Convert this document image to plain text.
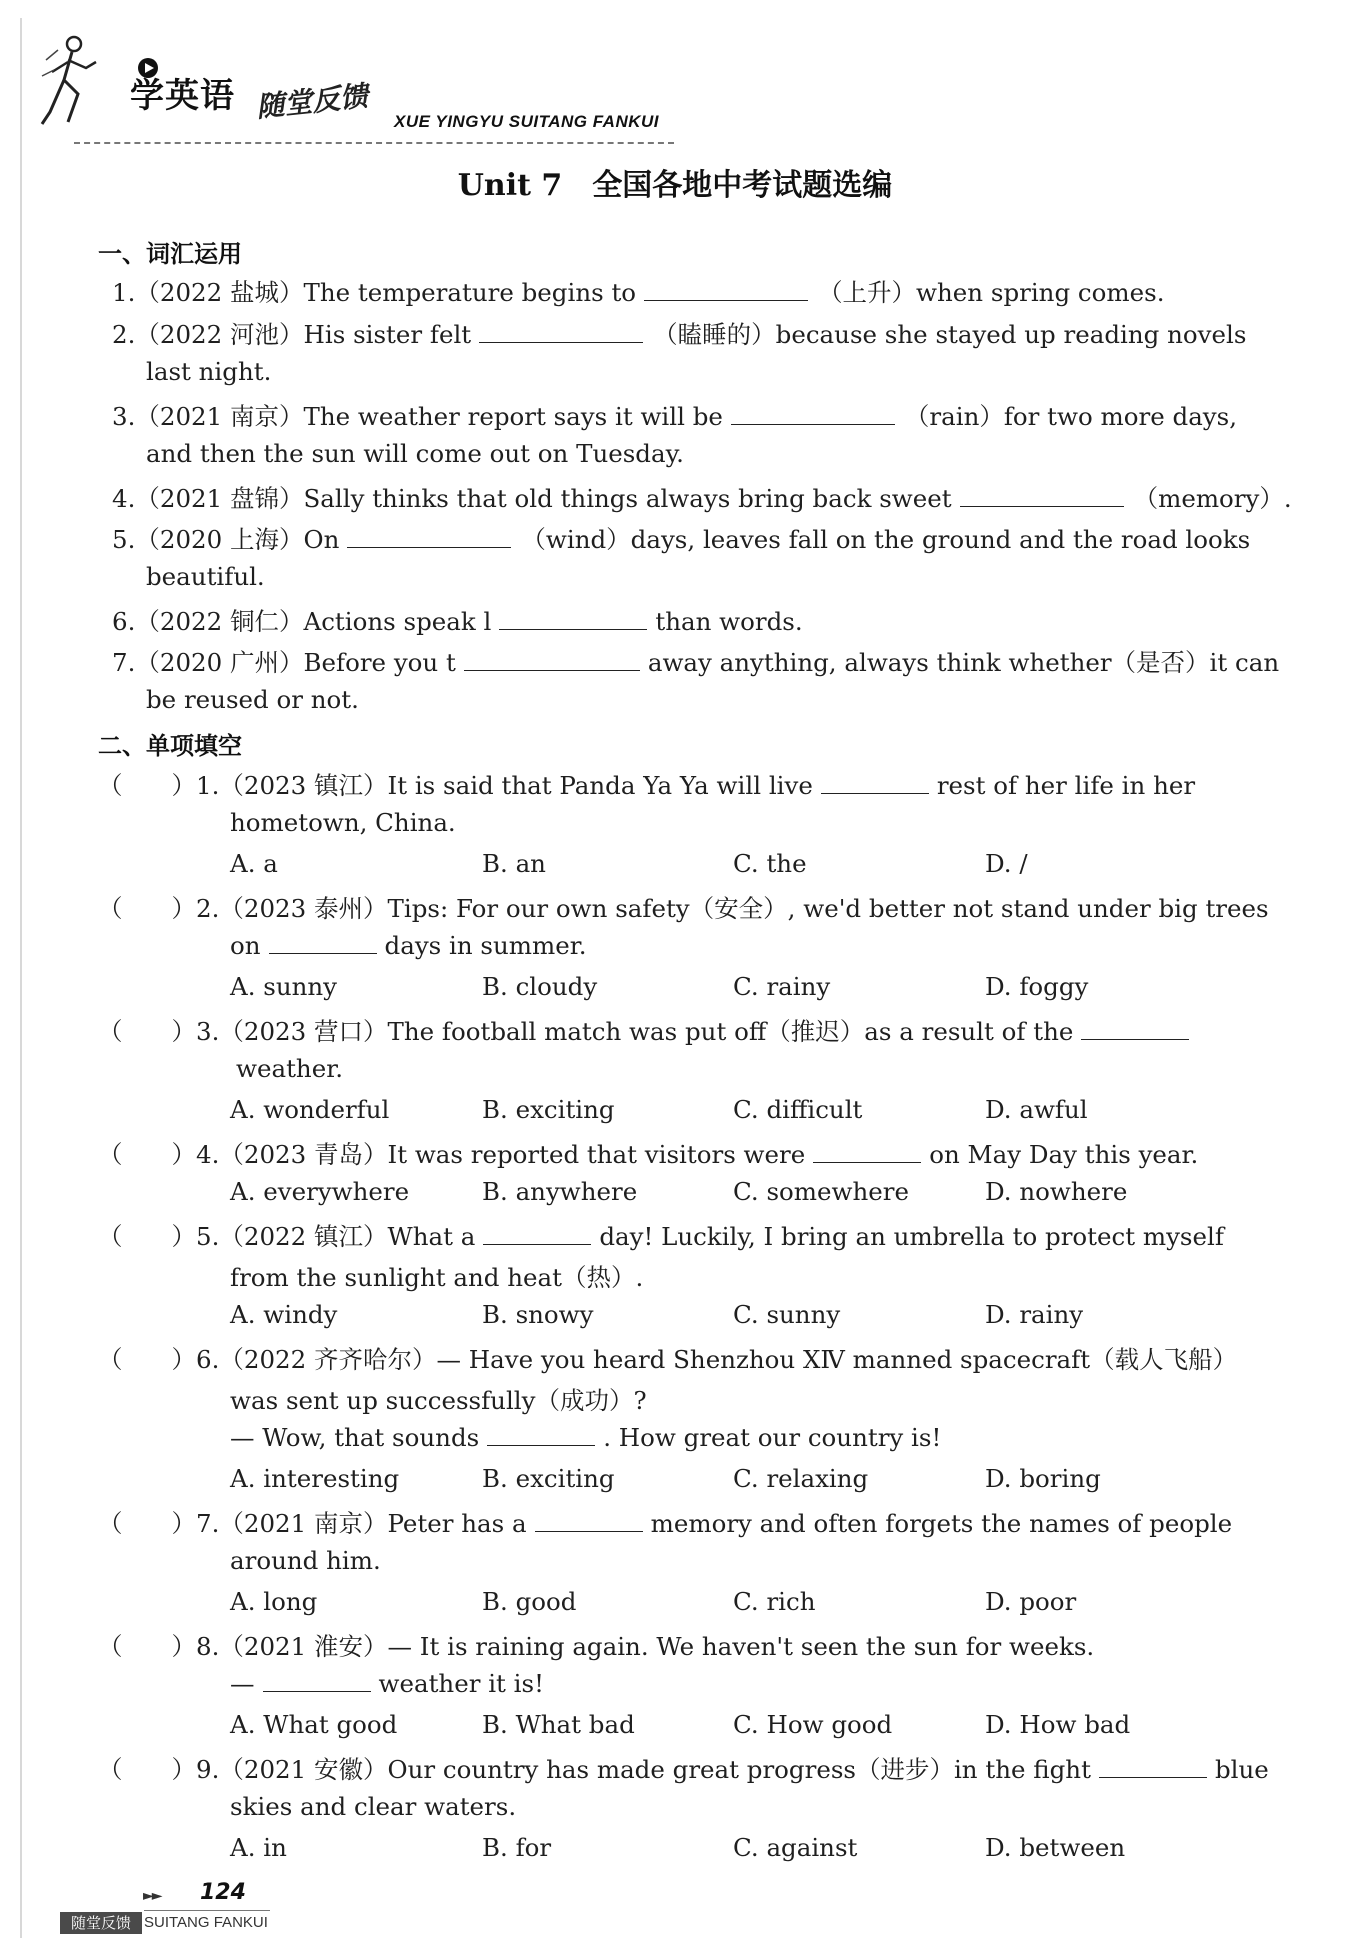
学英语 随堂反馈 XUE YINGYU SUITANG FANKUI
Unit 7　全国各地中考试题选编
一、词汇运用
1.（2022 盐城）The temperature begins to	（上升）when spring comes.
2.（2022 河池）His sister felt	（瞌睡的）because she stayed up reading novels
last night.
3.（2021 南京）The weather report says it will be	（rain）for two more days,
and then the sun will come out on Tuesday.
4.（2021 盘锦）Sally thinks that old things always bring back sweet	（memory）.
5.（2020 上海）On	（wind）days, leaves fall on the ground and the road looks
beautiful.
6.（2022 铜仁）Actions speak l	than words.
7.（2020 广州）Before you t	away anything, always think whether（是否）it can
be reused or not.
二、单项填空
（　　） 1.（2023 镇江）It is said that Panda Ya Ya will live	rest of her life in her
hometown, China.
A. a	B. an	C. the	D. /
（　　） 2.（2023 泰州）Tips: For our own safety（安全）, we'd better not stand under big trees
on	days in summer.
A. sunny	B. cloudy	C. rainy	D. foggy
（　　） 3.（2023 营口）The football match was put off（推迟）as a result of the
weather.
A. wonderful	B. exciting	C. difficult	D. awful
（　　） 4.（2023 青岛）It was reported that visitors were	on May Day this year.
A. everywhere	B. anywhere	C. somewhere	D. nowhere
（　　） 5.（2022 镇江）What a	day! Luckily, I bring an umbrella to protect myself
from the sunlight and heat（热）.
A. windy	B. snowy	C. sunny	D. rainy
（　　） 6.（2022 齐齐哈尔）— Have you heard Shenzhou ⅩⅣ manned spacecraft（载人飞船）
was sent up successfully（成功）?
— Wow, that sounds	. How great our country is!
A. interesting	B. exciting	C. relaxing	D. boring
（　　） 7.（2021 南京）Peter has a	memory and often forgets the names of people
around him.
A. long	B. good	C. rich	D. poor
（　　） 8.（2021 淮安）— It is raining again. We haven't seen the sun for weeks.
—	weather it is!
A. What good	B. What bad	C. How good	D. How bad
（　　） 9.（2021 安徽）Our country has made great progress（进步）in the fight	blue
skies and clear waters.
A. in	B. for	C. against	D. between
►► 124
随堂反馈 SUITANG FANKUI
